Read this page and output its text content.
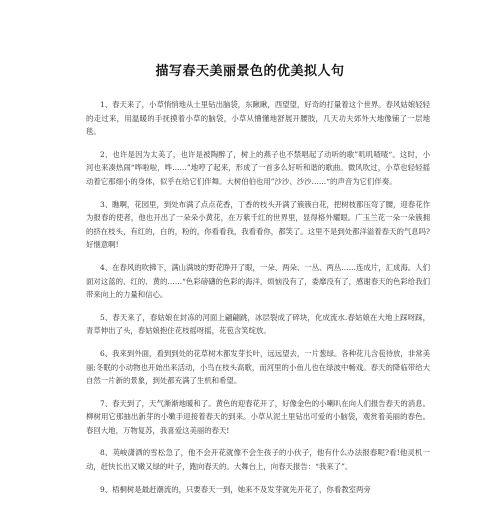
描写春天美丽景色的优美拟人句

1、春天来了，小草悄悄地从土里钻出脑袋，东瞅瞅，西望望，好奇的打量着这个世界。春风姑娘轻轻的走过来，用温暖的手抚摸着小草的脑袋，小草从懵懂地舒展开腰肢，几天功夫郊外大地像铺了一层地毯。

2、也许是因为太美了，也许是被陶醉了，树上的燕子也不禁唱起了动听的歌”叽叽喳喳“。这时，小河也来凑热闹“哗啦啦，哗……”地哼了起来，形成了一首多么好听和谐的歌曲。微风吹过，小草也轻轻摇动着它那细小的身体，似乎在给它们伴舞。大树伯伯也用”沙沙、沙沙……“的声音为它们伴奏。

3、瞧啊，花园里，到处布满了点点花香，丁香的枝头开满了簇簇白花，把树枝都压弯了腰，迎春花作为报春的使者，他也开出了一朵朵小黄花，在万紫千红的世界里，显得格外耀眼。广玉兰花一朵一朵簇拥的挤在枝头，有红的，白的，粉的，你看看我，我看看你，都笑了。这里不是到处都洋溢着春天的气息吗?好惬意啊!

4、在春风的吹拂下，满山满坡的野花睁开了眼，一朵、两朵、一丛、两丛……连成片，汇成海。人们面对这蓝的、红的、黄的……“色彩磅礴的色彩的海洋，烦恼没有了，委靡没有了，感谢春天的色彩给我们带来向上的力量和信心。

5、春天来了，春姑娘在封冻的河面上翩翩跳，冰层裂成了碎块，化成流水.春姑娘在大地上踩呀踩，青草伸出了头，春姑娘抱住花枝摇呀摇，花苞含笑绽放。

6、我来到外面，看到到处的花草树木都发芽长叶，远远望去，一片葱绿。各种花儿含苞待放，非常美丽;冬眠的小动物也开始出来活动，小鸟在枝头高歌，而河里的小鱼儿也在绿波中畅戏。春天的降临带给大自然一片新的景象，到处都充满了生机和希望。

7、春天到了，天气渐渐地暖和了。黄色的迎春花开了，好像金色的小喇叭在向人们报告春天的消息。柳树用它那抽出新芽的小嫩手迎接着春天的到来。小草从泥土里钻出可爱的小脑袋，观赏着美丽的春色。春回大地，万物复苏，我喜爱这美丽的春天!

8、英峻潇洒的雪松急了，他不会开花就像不会生孩子的小伙子，他有什么办法报春呢?看!他灵机一动，赶快长出又嫩又绿的叶子，跑向春天的。大舞台上，向春天报告：“我来了”。

9、梧桐树是最赶潮流的，只要春天一到，她来不及发芽就先开花了，你看教室两旁
